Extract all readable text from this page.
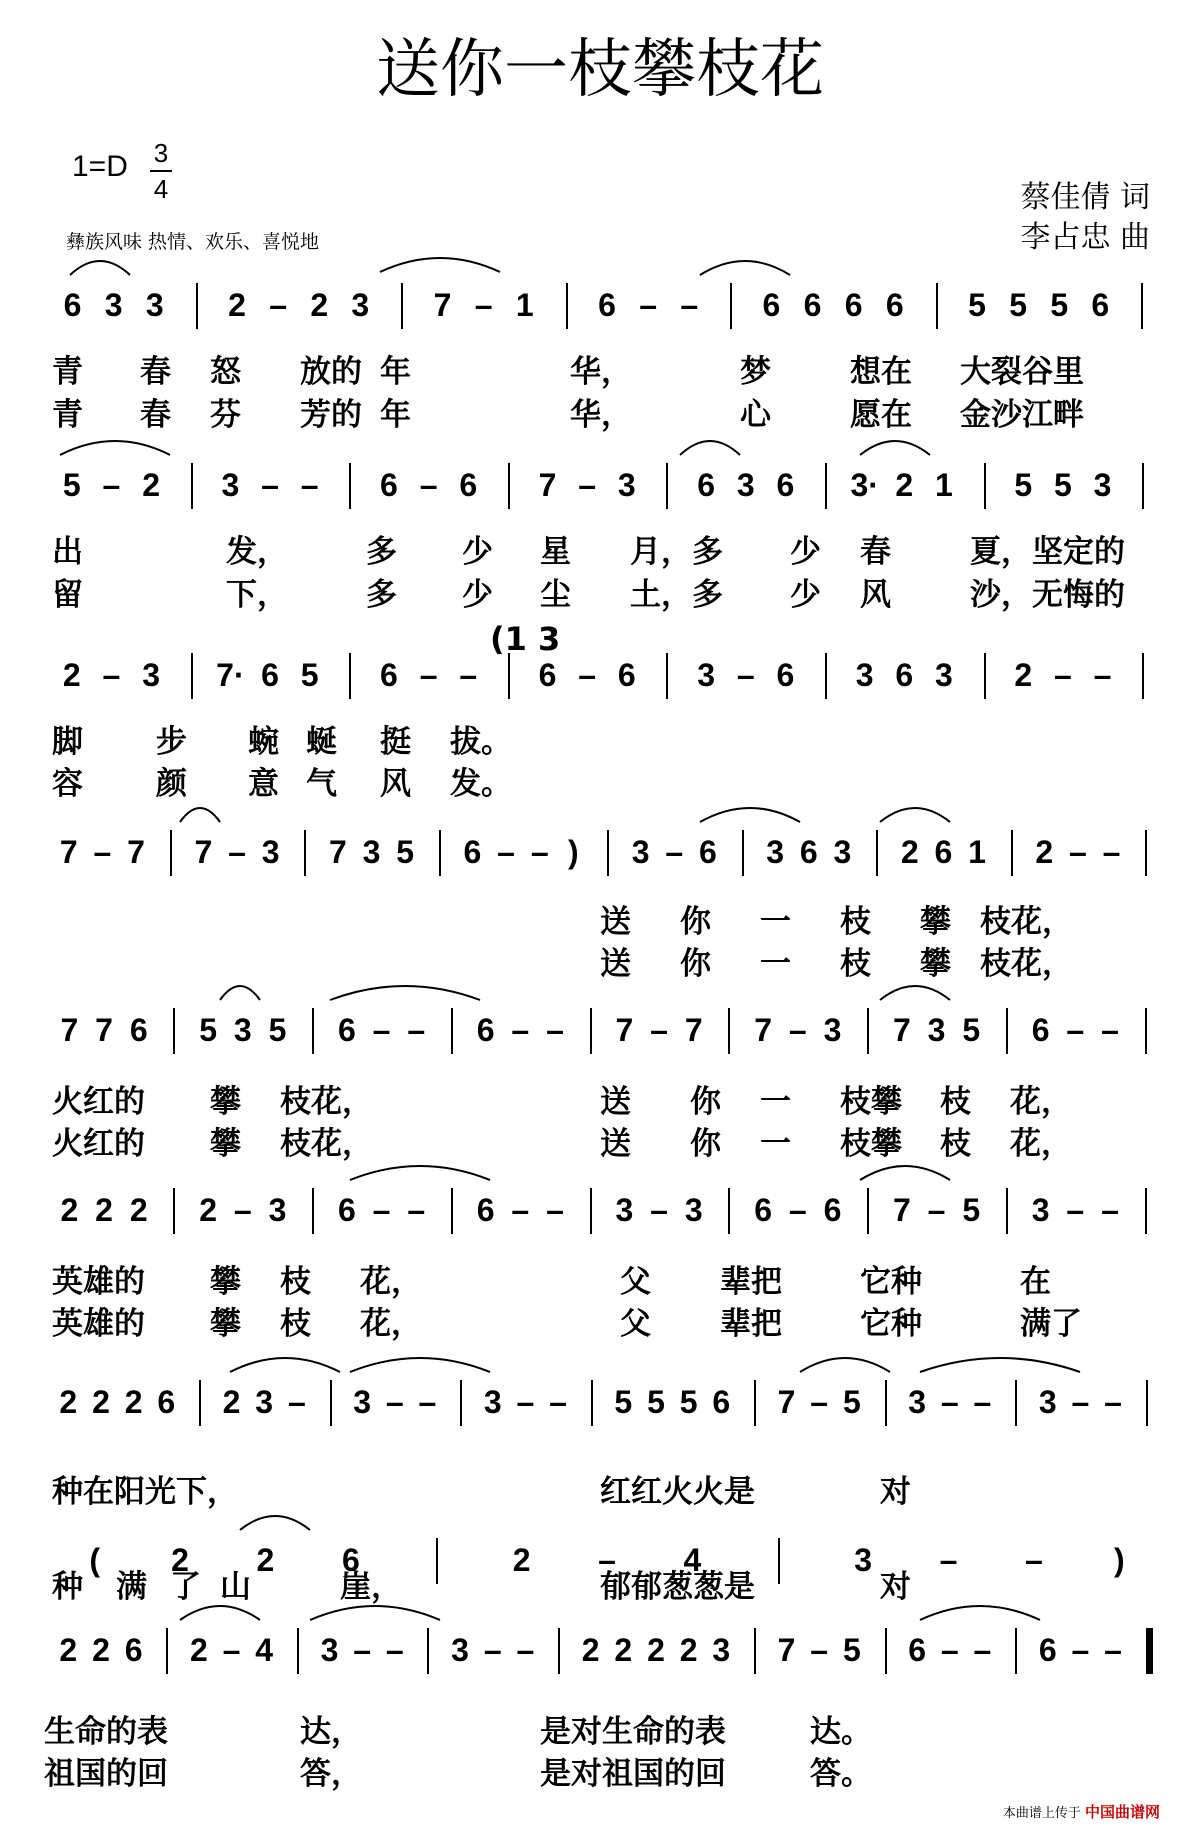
送你一枝攀枝花
1=D 3
4
彝族风味 热情、欢乐、喜悦地
蔡佳倩 词
李占忠 曲
6 3 3 2 – 2 3 7 – 1 6 – – 6 6 6 6 5 5 5 6
5 – 2 3 – – 6 – 6 7 – 3 6 3 6 3· 2 1 5 5 3
2 – 3 7· 6 5 6 – – 6 – 6 3 – 6 3 6 3 2 – –
7 – 7 7 – 3 7 3 5 6 – – ) 3 – 6 3 6 3 2 6 1 2 – –
7 7 6 5 3 5 6 – – 6 – – 7 – 7 7 – 3 7 3 5 6 – –
2 2 2 2 – 3 6 – – 6 – – 3 – 3 6 – 6 7 – 5 3 – –
2 2 2 6 2 3 – 3 – – 3 – – 5 5 5 6 7 – 5 3 – – 3 – –
( 2 2 6	2 – 4	3 – – )
2 2 6 2 – 4 3 – – 3 – – 2 2 2 2 3 7 – 5 6 – – 6 – –
青 春 怒 放的 年	华，	梦	想在 大裂谷里
青 春 芬 芳的 年	华，	心	愿在 金沙江畔
出	发，	多 少 星 月，多 少 春	夏，坚定的
留	下，	多 少 尘 土，多 少 风	沙，无悔的
脚 步 蜿 蜒 挺 拔。
容 颜 意 气 风 发。
送 你 一 枝 攀 枝花，
送 你 一 枝 攀 枝花，
火红的 攀 枝花，	送 你 一 枝攀 枝 花，
火红的 攀 枝花，	送 你 一 枝攀 枝 花，
英雄的 攀 枝 花，	父 辈把	它种	在
英雄的 攀 枝 花，	父 辈把	它种	满了
种在阳光下，	红红火火是	对
种 满 了 山	崖，	郁郁葱葱是	对
生命的表	达，	是对生命的表	达。
祖国的回	答，	是对祖国的回	答。
(1 3
本曲谱上传于 中国曲谱网
